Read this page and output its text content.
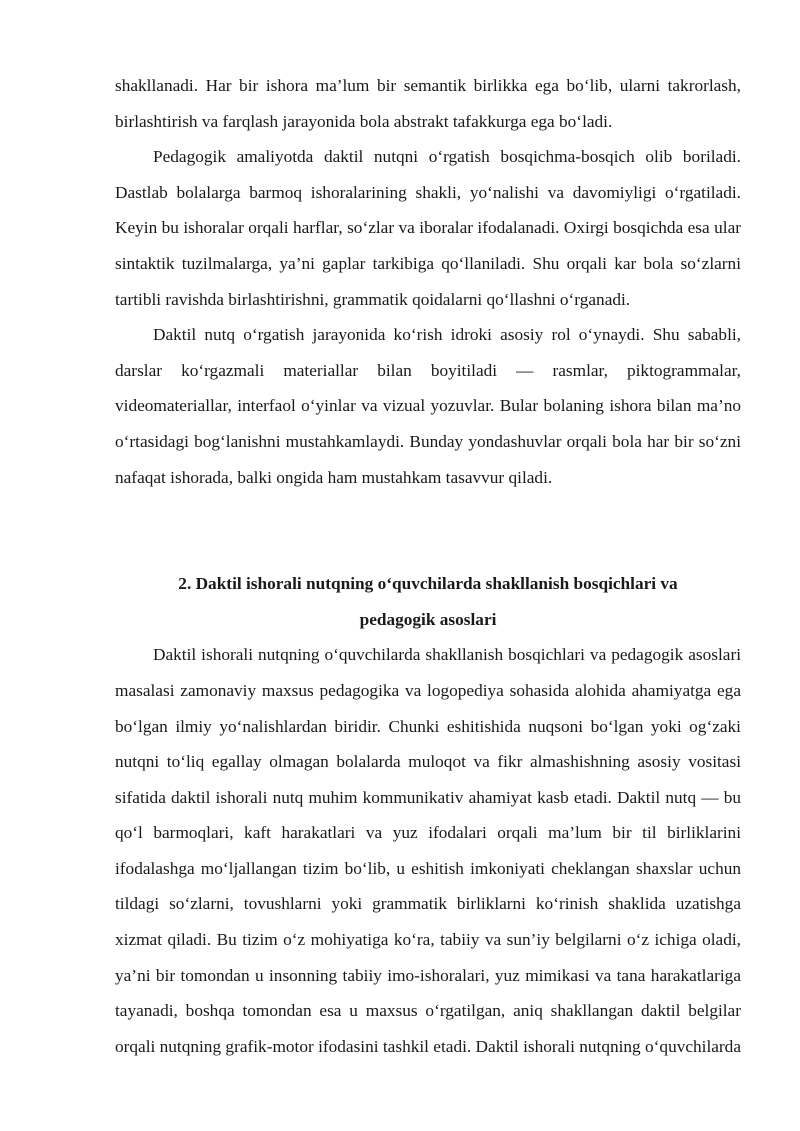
shakllanadi. Har bir ishora ma’lum bir semantik birlikka ega bo‘lib, ularni takrorlash, birlashtirish va farqlash jarayonida bola abstrakt tafakkurga ega bo‘ladi.

Pedagogik amaliyotda daktil nutqni o‘rgatish bosqichma-bosqich olib boriladi. Dastlab bolalarga barmoq ishoralarining shakli, yo‘nalishi va davomiyligi o‘rgatiladi. Keyin bu ishoralar orqali harflar, so‘zlar va iboralar ifodalanadi. Oxirgi bosqichda esa ular sintaktik tuzilmalarga, ya’ni gaplar tarkibiga qo‘llaniladi. Shu orqali kar bola so‘zlarni tartibli ravishda birlashtirishni, grammatik qoidalarni qo‘llashni o‘rganadi.

Daktil nutq o‘rgatish jarayonida ko‘rish idroki asosiy rol o‘ynaydi. Shu sababli, darslar ko‘rgazmali materiallar bilan boyitiladi — rasmlar, piktogrammalar, videomateriallar, interfaol o‘yinlar va vizual yozuvlar. Bular bolaning ishora bilan ma’no o‘rtasidagi bog‘lanishni mustahkamlaydi. Bunday yondashuvlar orqali bola har bir so‘zni nafaqat ishorada, balki ongida ham mustahkam tasavvur qiladi.

2. Daktil ishorali nutqning o‘quvchilarda shakllanish bosqichlari va

pedagogik asoslari

Daktil ishorali nutqning o‘quvchilarda shakllanish bosqichlari va pedagogik asoslari masalasi zamonaviy maxsus pedagogika va logopediya sohasida alohida ahamiyatga ega bo‘lgan ilmiy yo‘nalishlardan biridir. Chunki eshitishida nuqsoni bo‘lgan yoki og‘zaki nutqni to‘liq egallay olmagan bolalarda muloqot va fikr almashishning asosiy vositasi sifatida daktil ishorali nutq muhim kommunikativ ahamiyat kasb etadi. Daktil nutq — bu qo‘l barmoqlari, kaft harakatlari va yuz ifodalari orqali ma’lum bir til birliklarini ifodalashga mo‘ljallangan tizim bo‘lib, u eshitish imkoniyati cheklangan shaxslar uchun tildagi so‘zlarni, tovushlarni yoki grammatik birliklarni ko‘rinish shaklida uzatishga xizmat qiladi. Bu tizim o‘z mohiyatiga ko‘ra, tabiiy va sun’iy belgilarni o‘z ichiga oladi, ya’ni bir tomondan u insonning tabiiy imo-ishoralari, yuz mimikasi va tana harakatlariga tayanadi, boshqa tomondan esa u maxsus o‘rgatilgan, aniq shakllangan daktil belgilar orqali nutqning grafik-motor ifodasini tashkil etadi. Daktil ishorali nutqning o‘quvchilarda
